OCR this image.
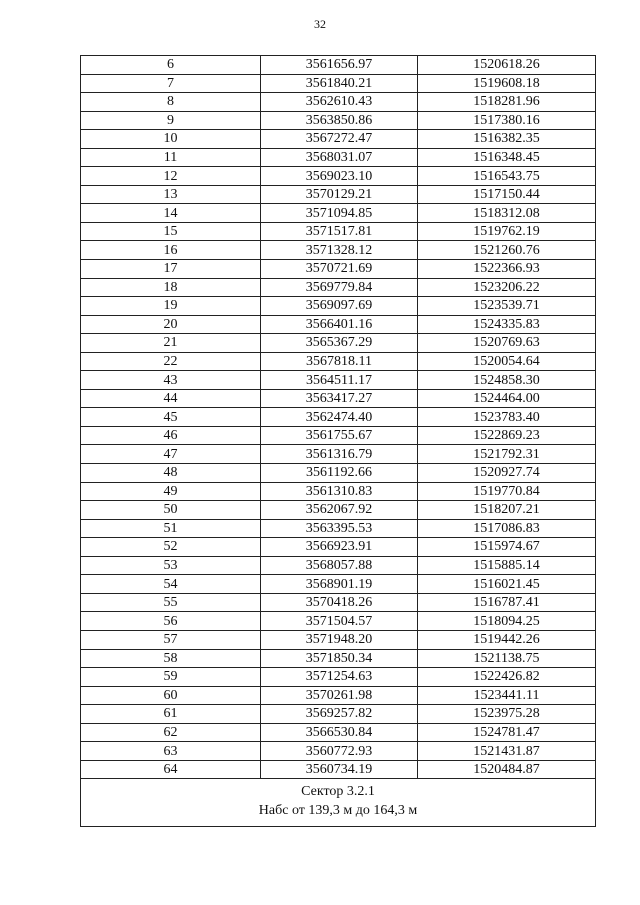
32
6	3561656.97	1520618.26
7	3561840.21	1519608.18
8	3562610.43	1518281.96
9	3563850.86	1517380.16
10	3567272.47	1516382.35
11	3568031.07	1516348.45
12	3569023.10	1516543.75
13	3570129.21	1517150.44
14	3571094.85	1518312.08
15	3571517.81	1519762.19
16	3571328.12	1521260.76
17	3570721.69	1522366.93
18	3569779.84	1523206.22
19	3569097.69	1523539.71
20	3566401.16	1524335.83
21	3565367.29	1520769.63
22	3567818.11	1520054.64
43	3564511.17	1524858.30
44	3563417.27	1524464.00
45	3562474.40	1523783.40
46	3561755.67	1522869.23
47	3561316.79	1521792.31
48	3561192.66	1520927.74
49	3561310.83	1519770.84
50	3562067.92	1518207.21
51	3563395.53	1517086.83
52	3566923.91	1515974.67
53	3568057.88	1515885.14
54	3568901.19	1516021.45
55	3570418.26	1516787.41
56	3571504.57	1518094.25
57	3571948.20	1519442.26
58	3571850.34	1521138.75
59	3571254.63	1522426.82
60	3570261.98	1523441.11
61	3569257.82	1523975.28
62	3566530.84	1524781.47
63	3560772.93	1521431.87
64	3560734.19	1520484.87

Сектор 3.2.1
Набс от 139,3 м до 164,3 м		
